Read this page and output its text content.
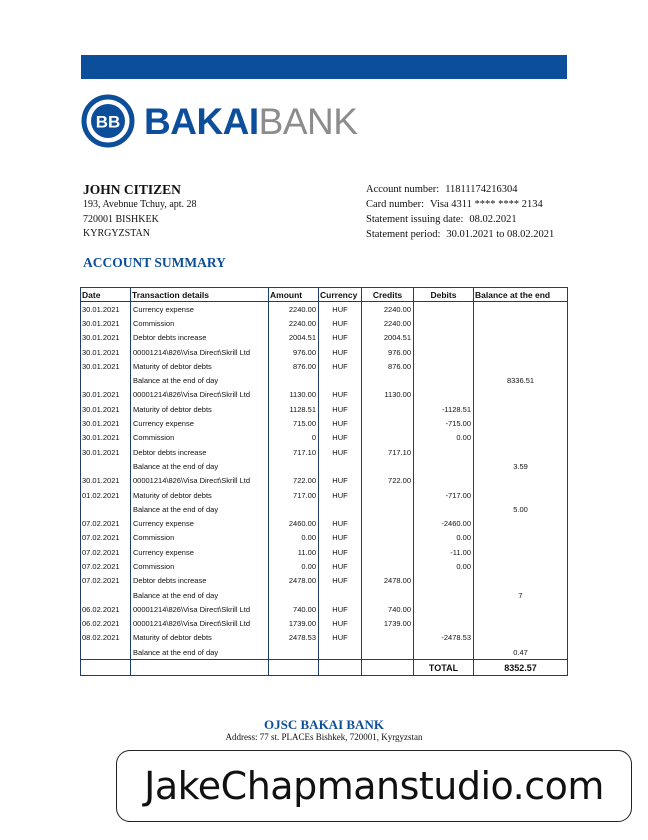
BB BAKAIBANK
JOHN CITIZEN
193, Avebnue Tchuy, apt. 28
720001 BISHKEK
KYRGYZSTAN
Account number: 11811174216304
Card number: Visa 4311 **** **** 2134
Statement issuing date: 08.02.2021
Statement period: 30.01.2021 to 08.02.2021
ACCOUNT SUMMARY
Date	Transaction details	Amount	Currency	Credits	Debits	Balance at the end
30.01.2021	Currency expense	2240.00	HUF	2240.00		
30.01.2021	Commission	2240.00	HUF	2240.00		
30.01.2021	Debtor debts increase	2004.51	HUF	2004.51		
30.01.2021	00001214\826\Visa Direct\Skrill Ltd	976.00	HUF	976.00		
30.01.2021	Maturity of debtor debts	876.00	HUF	876.00		
	Balance at the end of day					8336.51
30.01.2021	00001214\826\Visa Direct\Skrill Ltd	1130.00	HUF	1130.00		
30.01.2021	Maturity of debtor debts	1128.51	HUF		-1128.51	
30.01.2021	Currency expense	715.00	HUF		-715.00	
30.01.2021	Commission	0	HUF		0.00	
30.01.2021	Debtor debts increase	717.10	HUF	717.10		
	Balance at the end of day					3.59
30.01.2021	00001214\826\Visa Direct\Skrill Ltd	722.00	HUF	722.00		
01.02.2021	Maturity of debtor debts	717.00	HUF		-717.00	
	Balance at the end of day					5.00
07.02.2021	Currency expense	2460.00	HUF		-2460.00	
07.02.2021	Commission	0.00	HUF		0.00	
07.02.2021	Currency expense	11.00	HUF		-11.00	
07.02.2021	Commission	0.00	HUF		0.00	
07.02.2021	Debtor debts increase	2478.00	HUF	2478.00		
	Balance at the end of day					7
06.02.2021	00001214\826\Visa Direct\Skrill Ltd	740.00	HUF	740.00		
06.02.2021	00001214\826\Visa Direct\Skrill Ltd	1739.00	HUF	1739.00		
08.02.2021	Maturity of debtor debts	2478.53	HUF		-2478.53	
	Balance at the end of day					0.47
					TOTAL	8352.57
OJSC BAKAI BANK
Address: 77 st. PLACEs Bishkek, 720001, Kyrgyzstan
JakeChapmanstudio.com
